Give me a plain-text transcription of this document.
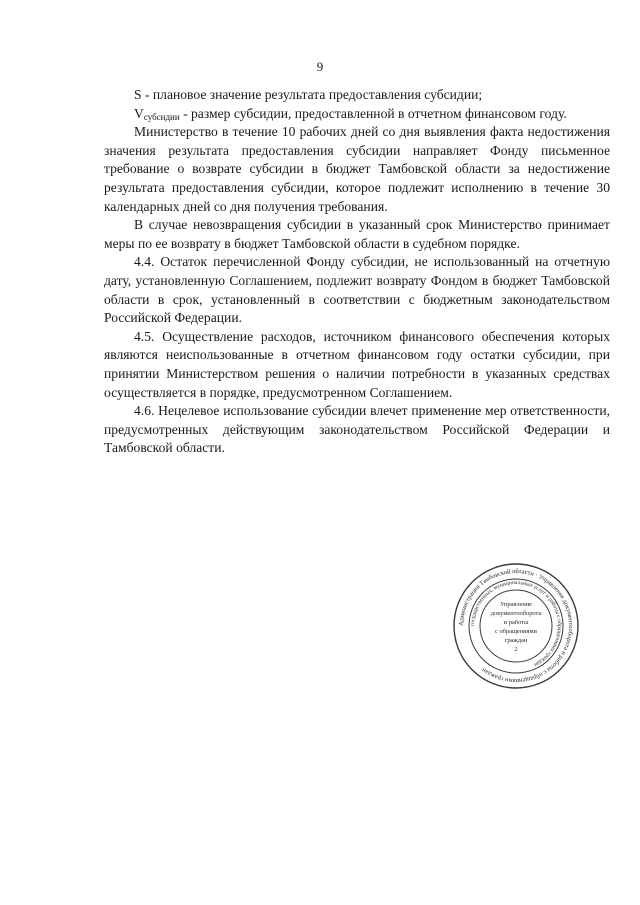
9

S - плановое значение результата предоставления субсидии;

$V_{субсидии}$ - размер субсидии, предоставленной в отчетном финансовом году.

Министерство в течение 10 рабочих дней со дня выявления факта недостижения значения результата предоставления субсидии направляет Фонду письменное требование о возврате субсидии в бюджет Тамбовской области за недостижение результата предоставления субсидии, которое подлежит исполнению в течение 30 календарных дней со дня получения требования.

В случае невозвращения субсидии в указанный срок Министерство принимает меры по ее возврату в бюджет Тамбовской области в судебном порядке.

4.4. Остаток перечисленной Фонду субсидии, не использованный на отчетную дату, установленную Соглашением, подлежит возврату Фондом в бюджет Тамбовской области в срок, установленный в соответствии с бюджетным законодательством Российской Федерации.

4.5. Осуществление расходов, источником финансового обеспечения которых являются неиспользованные в отчетном финансовом году остатки субсидии, при принятии Министерством решения о наличии потребности в указанных средствах осуществляется в порядке, предусмотренном Соглашением.

4.6. Нецелевое использование субсидии влечет применение мер ответственности, предусмотренных действующим законодательством Российской Федерации и Тамбовской области.

Администрация Тамбовской области · Управление документооборота и работы с обращениями граждан
государственных, муниципальных услуг и работы с обращениями граждан
Управление
документооборота
и работы
с обращениями
граждан
2
